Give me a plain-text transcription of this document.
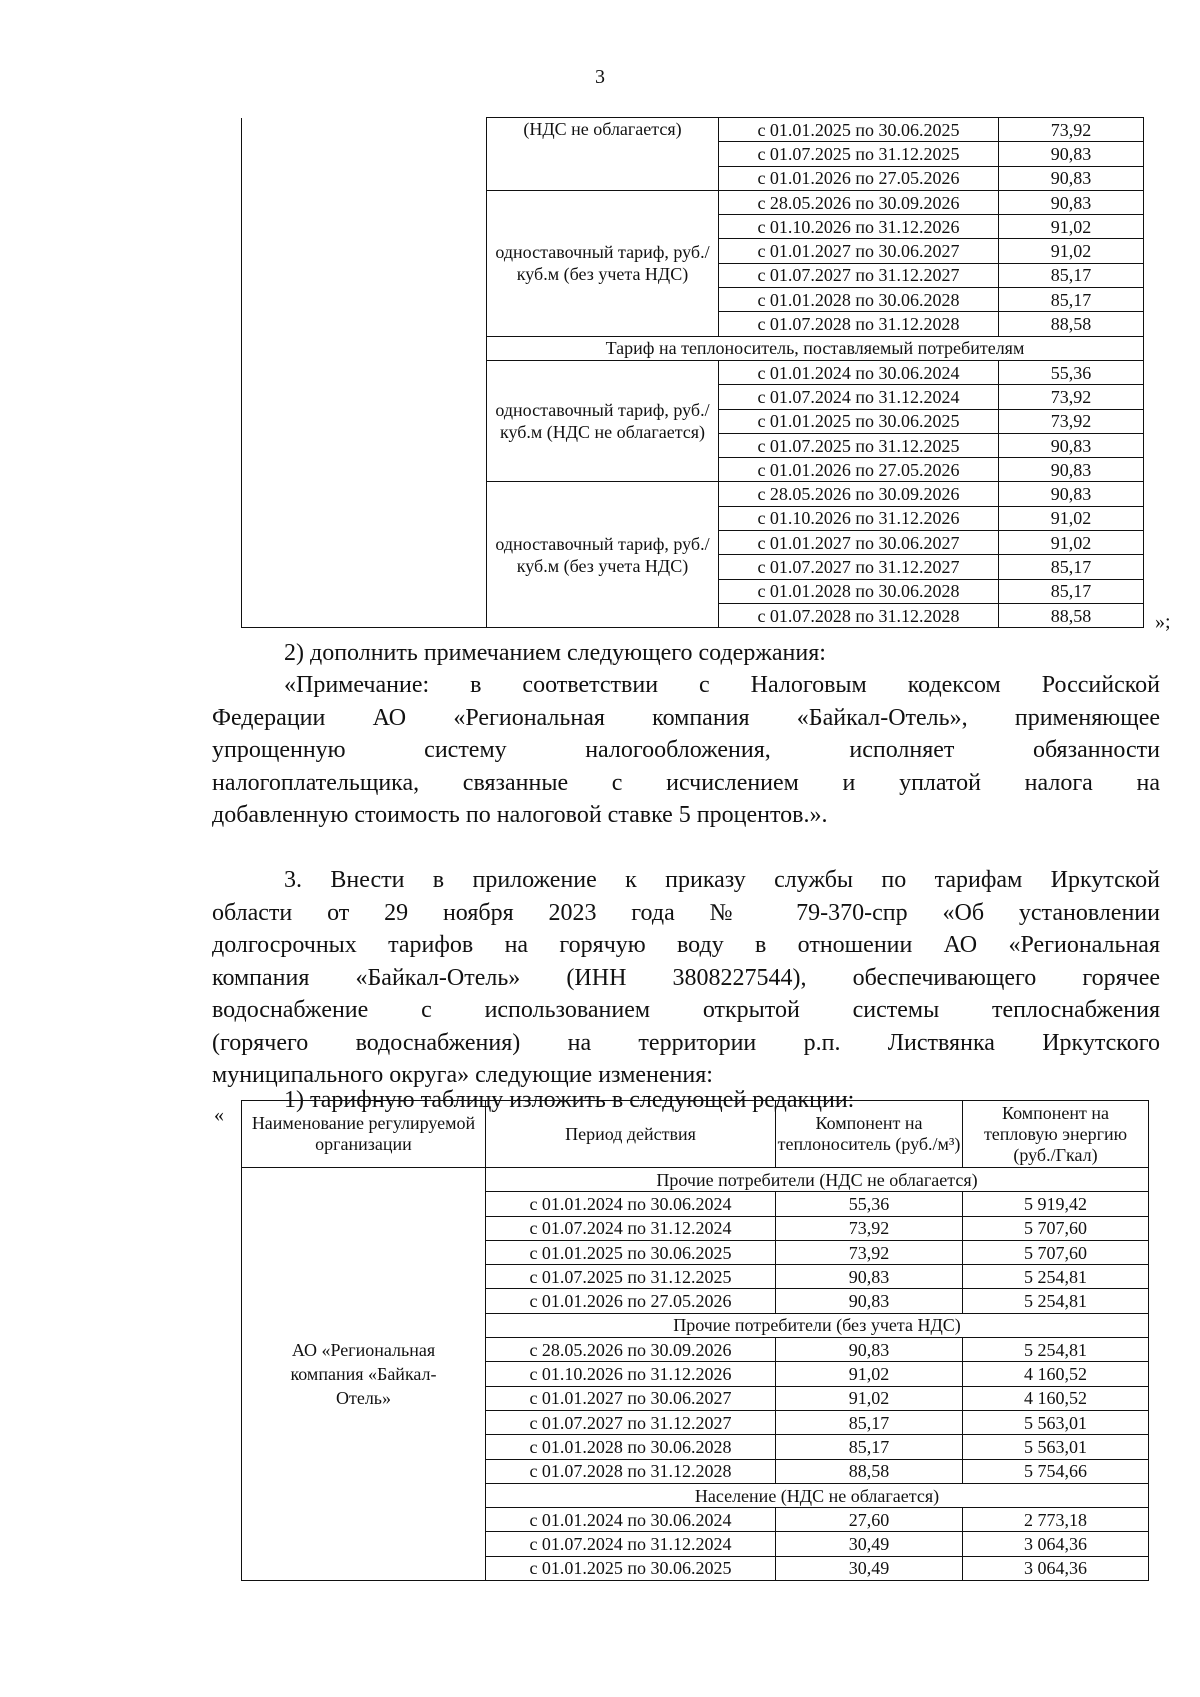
3
	(НДС не облагается)	с 01.01.2025 по 30.06.2025	73,92
		с 01.07.2025 по 31.12.2025	90,83
		с 01.01.2026 по 27.05.2026	90,83
	одноставочный тариф, руб./куб.м (без учета НДС)	с 28.05.2026 по 30.09.2026	90,83
		с 01.10.2026 по 31.12.2026	91,02
		с 01.01.2027 по 30.06.2027	91,02
		с 01.07.2027 по 31.12.2027	85,17
		с 01.01.2028 по 30.06.2028	85,17
		с 01.07.2028 по 31.12.2028	88,58
	Тариф на теплоноситель, поставляемый потребителям		
	одноставочный тариф, руб./куб.м (НДС не облагается)	с 01.01.2024 по 30.06.2024	55,36
		с 01.07.2024 по 31.12.2024	73,92
		с 01.01.2025 по 30.06.2025	73,92
		с 01.07.2025 по 31.12.2025	90,83
		с 01.01.2026 по 27.05.2026	90,83
	одноставочный тариф, руб./куб.м (без учета НДС)	с 28.05.2026 по 30.09.2026	90,83
		с 01.10.2026 по 31.12.2026	91,02
		с 01.01.2027 по 30.06.2027	91,02
		с 01.07.2027 по 31.12.2027	85,17
		с 01.01.2028 по 30.06.2028	85,17
		с 01.07.2028 по 31.12.2028	88,58	»;
2) дополнить примечанием следующего содержания:
«Примечание: в соответствии с Налоговым кодексом Российской
Федерации АО «Региональная компания «Байкал-Отель», применяющее
упрощенную систему налогообложения, исполняет обязанности
налогоплательщика, связанные с исчислением и уплатой налога на
добавленную стоимость по налоговой ставке 5 процентов.».
3. Внести в приложение к приказу службы по тарифам Иркутской
области от 29 ноября 2023 года № 79-370-спр «Об установлении
долгосрочных тарифов на горячую воду в отношении АО «Региональная
компания «Байкал-Отель» (ИНН 3808227544), обеспечивающего горячее
водоснабжение с использованием открытой системы теплоснабжения
(горячего водоснабжения) на территории р.п. Листвянка Иркутского
муниципального округа» следующие изменения:
1) тарифную таблицу изложить в следующей редакции:
« Наименование регулируемой организации	Период действия	Компонент на теплоноситель (руб./м³)	Компонент на тепловую энергию (руб./Гкал)
АО «Региональная компания «Байкал-Отель»	Прочие потребители (НДС не облагается)		
	с 01.01.2024 по 30.06.2024	55,36	5 919,42
	с 01.07.2024 по 31.12.2024	73,92	5 707,60
	с 01.01.2025 по 30.06.2025	73,92	5 707,60
	с 01.07.2025 по 31.12.2025	90,83	5 254,81
	с 01.01.2026 по 27.05.2026	90,83	5 254,81
	Прочие потребители (без учета НДС)		
	с 28.05.2026 по 30.09.2026	90,83	5 254,81
	с 01.10.2026 по 31.12.2026	91,02	4 160,52
	с 01.01.2027 по 30.06.2027	91,02	4 160,52
	с 01.07.2027 по 31.12.2027	85,17	5 563,01
	с 01.01.2028 по 30.06.2028	85,17	5 563,01
	с 01.07.2028 по 31.12.2028	88,58	5 754,66
	Население (НДС не облагается)		
	с 01.01.2024 по 30.06.2024	27,60	2 773,18
	с 01.07.2024 по 31.12.2024	30,49	3 064,36
	с 01.01.2025 по 30.06.2025	30,49	3 064,36
